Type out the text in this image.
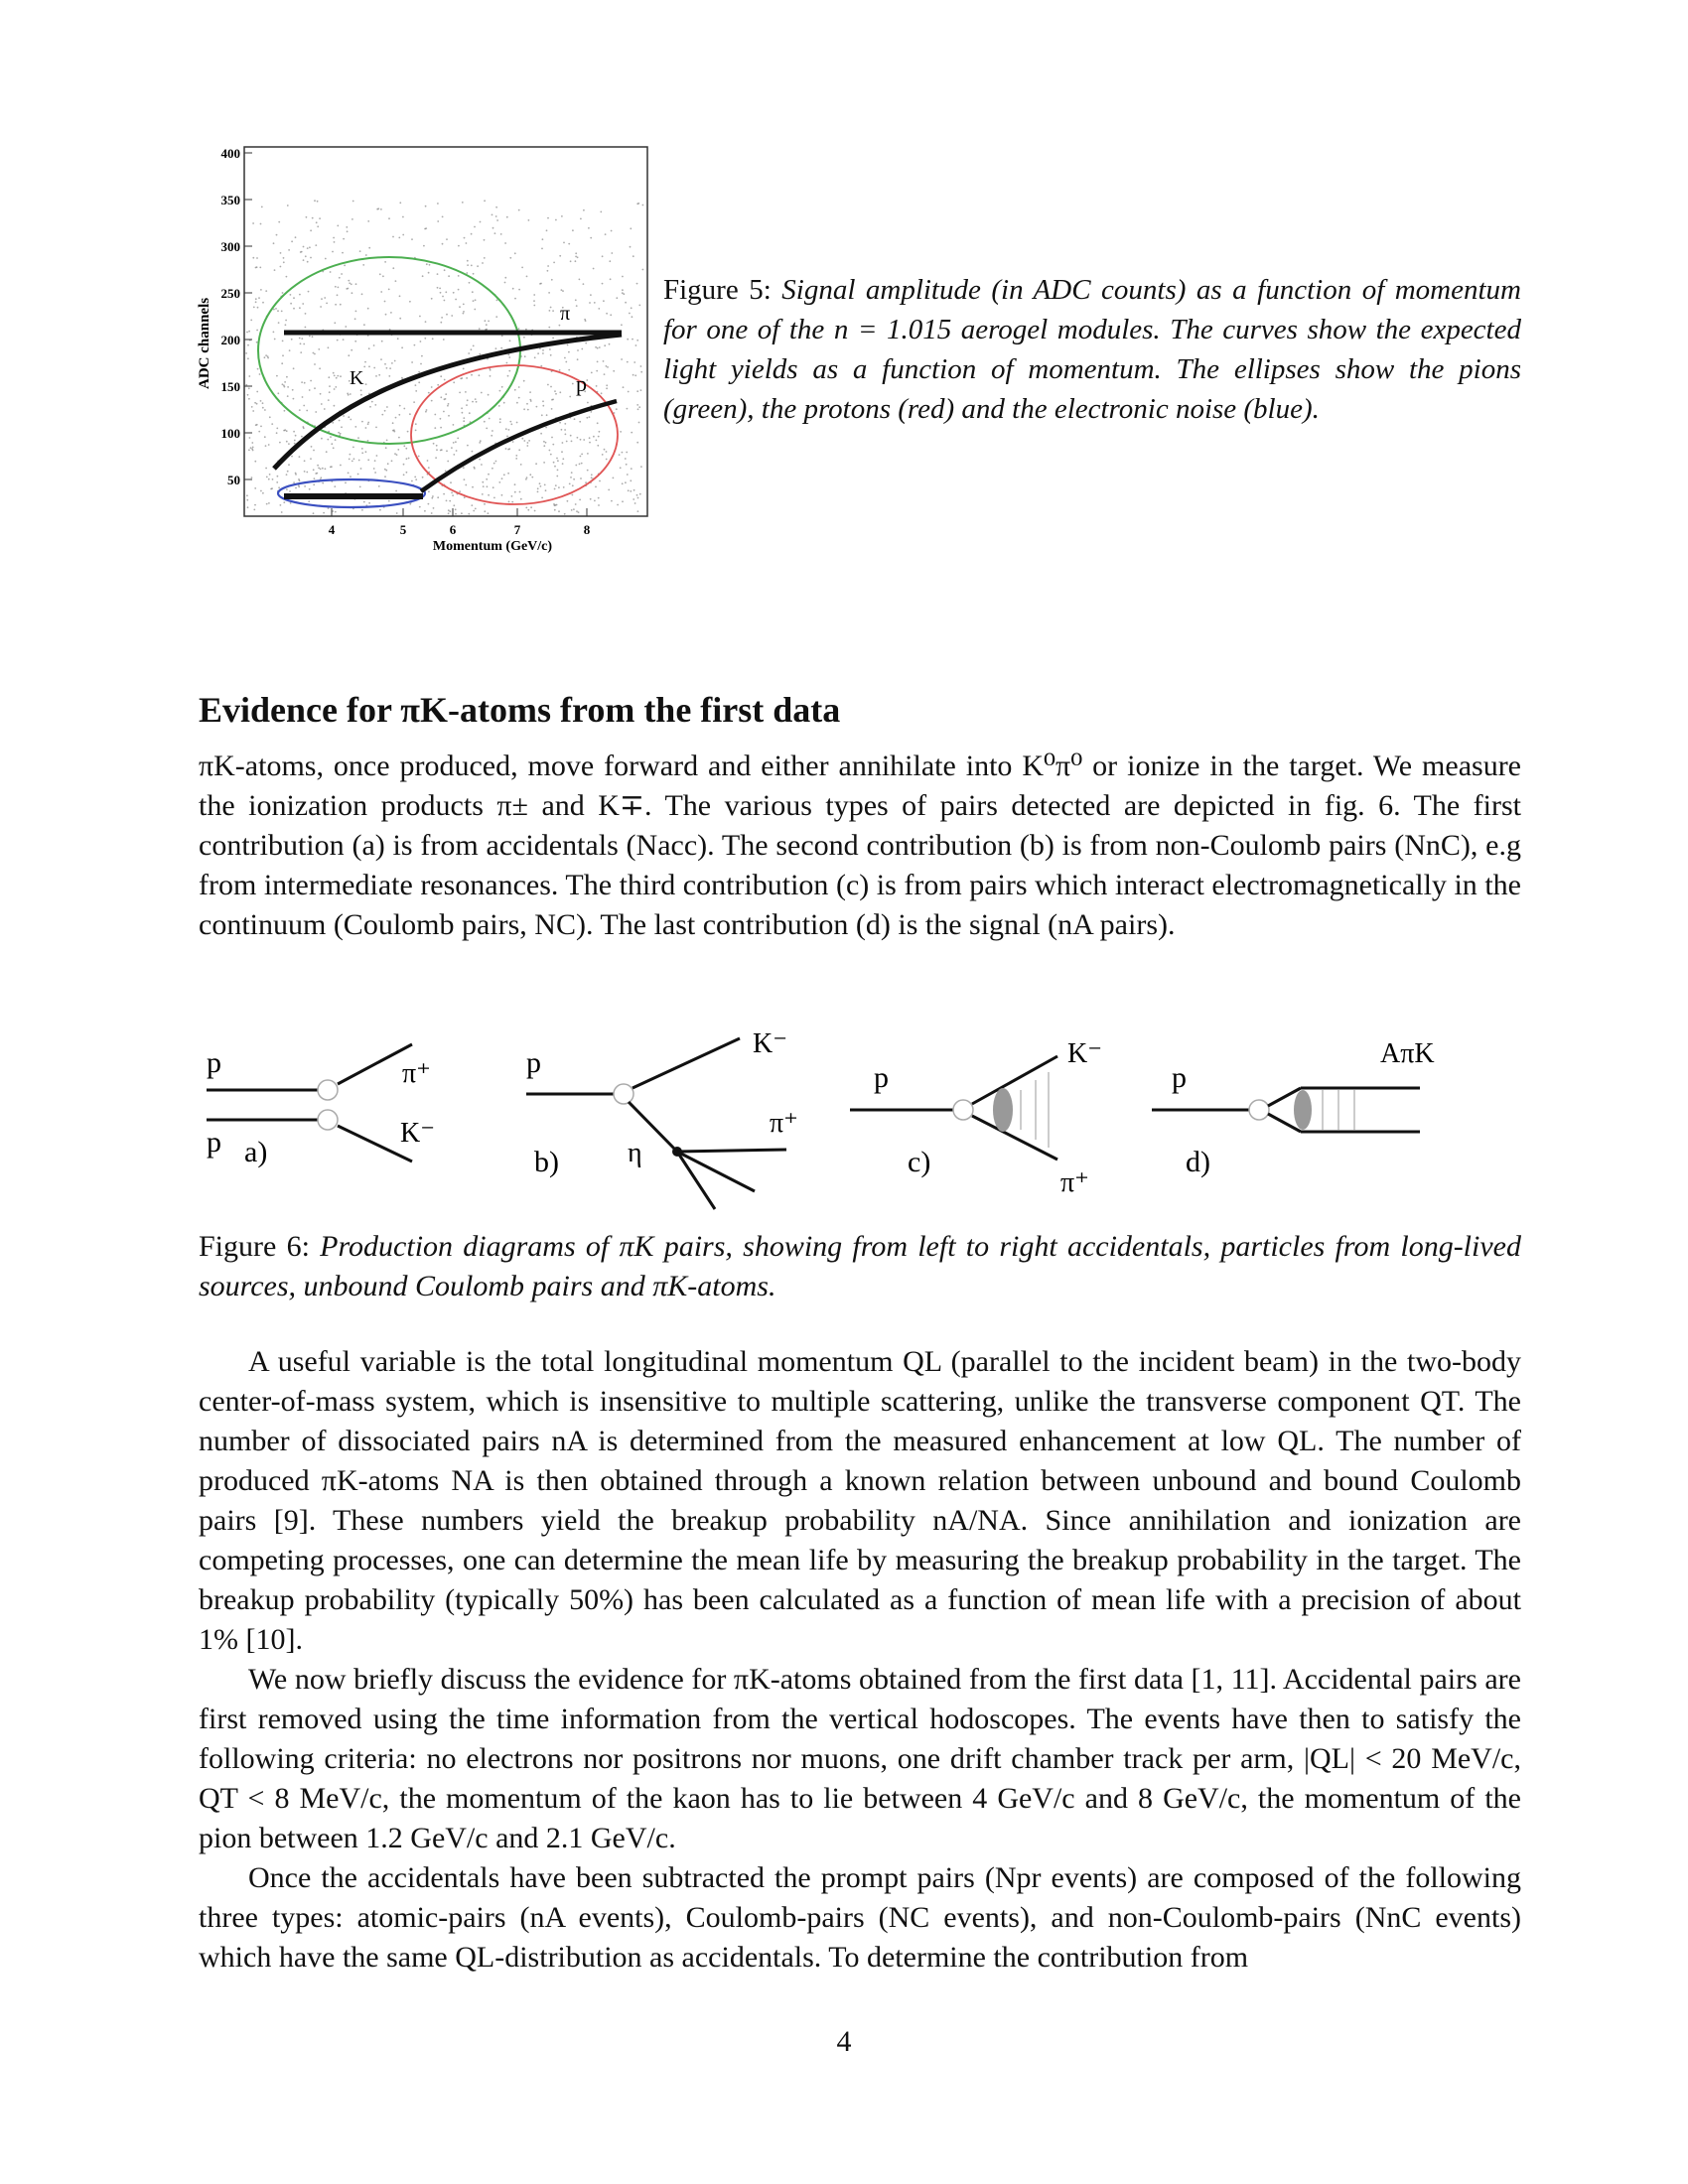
400
350
300
250
200
150
100
50
4	5	6	7	8
ADC channels
Momentum (GeV/c)
π
K	p
Figure 5: Signal amplitude (in ADC counts) as a function of momentum for one of the n = 1.015 aerogel modules. The curves show the expected light yields as a function of momentum. The ellipses show the pions (green), the protons (red) and the electronic noise (blue).
Evidence for πK-atoms from the first data

πK-atoms, once produced, move forward and either annihilate into K⁰π⁰ or ionize in the target. We measure the ionization products π± and K∓. The various types of pairs detected are depicted in fig. 6. The first contribution (a) is from accidentals (Nacc). The second contribution (b) is from non-Coulomb pairs (NnC), e.g from intermediate resonances. The third contribution (c) is from pairs which interact electromagnetically in the continuum (Coulomb pairs, NC). The last contribution (d) is the signal (nA pairs).

p
p
π⁺
K⁻
a)
p
K⁻
π⁺
η
b)
p
K⁻
π⁺
c)
p
AπK
d)
Figure 6: Production diagrams of πK pairs, showing from left to right accidentals, particles from long-lived sources, unbound Coulomb pairs and πK-atoms.

A useful variable is the total longitudinal momentum QL (parallel to the incident beam) in the two-body center-of-mass system, which is insensitive to multiple scattering, unlike the transverse component QT. The number of dissociated pairs nA is determined from the measured enhancement at low QL. The number of produced πK-atoms NA is then obtained through a known relation between unbound and bound Coulomb pairs [9]. These numbers yield the breakup probability nA/NA. Since annihilation and ionization are competing processes, one can determine the mean life by measuring the breakup probability in the target. The breakup probability (typically 50%) has been calculated as a function of mean life with a precision of about 1% [10].

We now briefly discuss the evidence for πK-atoms obtained from the first data [1, 11]. Accidental pairs are first removed using the time information from the vertical hodoscopes. The events have then to satisfy the following criteria: no electrons nor positrons nor muons, one drift chamber track per arm, |QL| < 20 MeV/c, QT < 8 MeV/c, the momentum of the kaon has to lie between 4 GeV/c and 8 GeV/c, the momentum of the pion between 1.2 GeV/c and 2.1 GeV/c.

Once the accidentals have been subtracted the prompt pairs (Npr events) are composed of the following three types: atomic-pairs (nA events), Coulomb-pairs (NC events), and non-Coulomb-pairs (NnC events) which have the same QL-distribution as accidentals. To determine the contribution from

4
